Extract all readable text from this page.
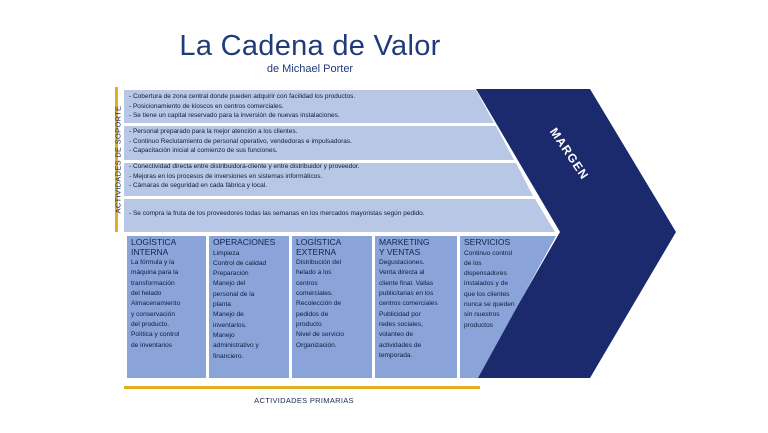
La Cadena de Valor
de Michael Porter
MARGEN
ACTIVIDADES DE SOPORTE
ACTIVIDADES PRIMARIAS
- Cobertura de zona central donde pueden adquirir con facilidad los productos.
- Posicionamiento de kioscos en centros comerciales.
- Se tiene un capital reservado para la inversión de nuevas instalaciones.
- Personal preparado para la mejor atención a los clientes.
- Continuo Reclutamiento de personal operativo, vendedoras e impulsadoras.
- Capacitación inicial al comienzo de sus funciones.
- Conectividad directa entre distribuidora-cliente y entre distribuidor y proveedor.
- Mejoras en los procesos de inversiones en sistemas informáticos.
- Cámaras de seguridad en cada fábrica y local.
- Se compra la fruta de los proveedores todas las semanas en los mercados mayoristas según pedido.
LOGÍSTICA
INTERNA
La fórmula y la
máquina para la
transformación
del helado
Almacenamiento
y conservación
del producto.
Política y control
de inventarios
OPERACIONES
Limpieza
Control de calidad
Preparación
Manejo del
personal de la
planta
Manejo de
inventarios.
Manejo
administrativo y
financiero.
LOGÍSTICA
EXTERNA
Distribución del
helado a los
centros
comerciales.
Recolección de
pedidos de
producto
Nivel de servicio
Organización.
MARKETING
Y VENTAS
Degustaciones.
Venta directa al
cliente final. Vallas
publicitarias en los
centros comerciales
Publicidad por
redes sociales,
volanteo de
actividades de
temporada.
SERVICIOS
Continuo control
de los
dispensadores
instalados y de
que los clientes
nunca se queden
sin nuestros
productos
